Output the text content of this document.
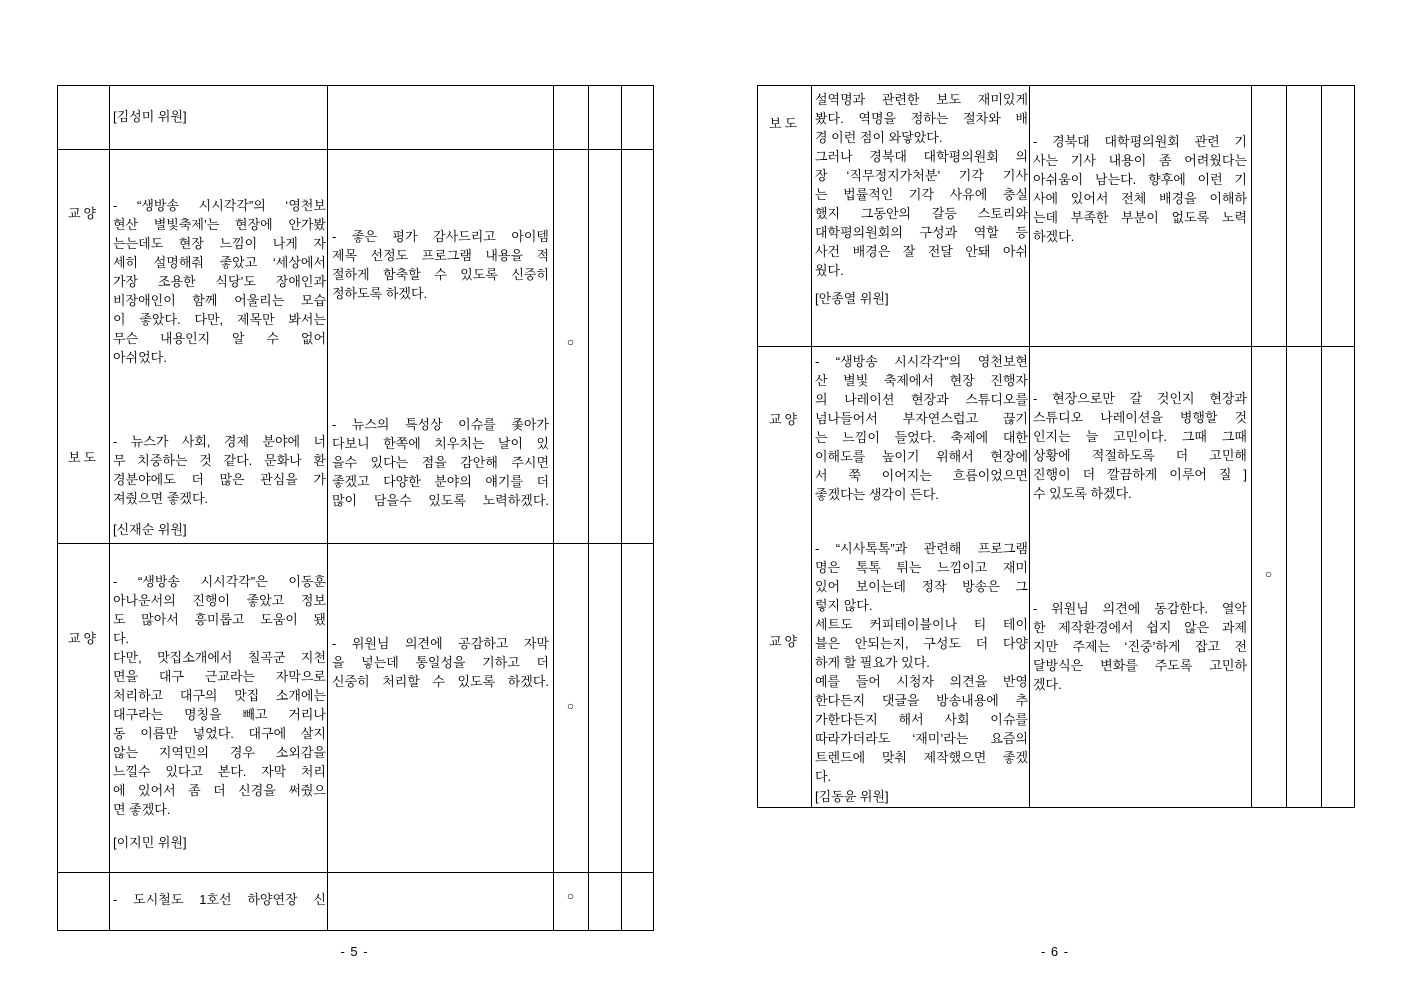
교양
보도
교양
[김성미 위원]
- “생방송 시시각각”의 ‘영천보
현산 별빛축제’는 현장에 안가봤
는는데도 현장 느낌이 나게 자
세히 설명해줘 좋았고 ‘세상에서
가장 조용한 식당’도 장애인과
비장애인이 함께 어울리는 모습
이 좋았다. 다만, 제목만 봐서는
무슨 내용인지 알 수 없어
아쉬었다.
- 뉴스가 사회, 경제 분야에 너
무 치중하는 것 같다. 문화나 환
경분야에도 더 많은 관심을 가
져줬으면 좋겠다.
[신재순 위원]
- 좋은 평가 감사드리고 아이템
제목 선정도 프로그램 내용을 적
절하게 함축할 수 있도록 신중히
정하도록 하겠다.
- 뉴스의 특성상 이슈를 좇아가
다보니 한쪽에 치우치는 날이 있
을수 있다는 점을 감안해 주시면
좋겠고 다양한 분야의 얘기를 더
많이 담을수 있도록 노력하겠다.
- “생방송 시시각각”은 이동훈
아나운서의 진행이 좋았고 정보
도 많아서 흥미롭고 도움이 됐
다.
다만, 맛집소개에서 칠곡군 지천
면을 대구 근교라는 자막으로
처리하고 대구의 맛집 소개에는
대구라는 명칭을 빼고 거리나
동 이름만 넣었다. 대구에 살지
않는 지역민의 경우 소외감을
느낄수 있다고 본다. 자막 처리
에 있어서 좀 더 신경을 써줬으
면 좋겠다.
[이지민 위원]
- 위원님 의견에 공감하고 자막
을 넣는데 통일성을 기하고 더
신중히 처리할 수 있도록 하겠다.
- 도시철도 1호선 하양연장 신
○
○
○
- 5 -
보도
교양
교양
설역명과 관련한 보도 재미있게
봤다. 역명을 정하는 절차와 배
경 이런 점이 와닿았다.
그러나 경북대 대학평의원회 의
장 ‘직무정지가처분’ 기각 기사
는 법률적인 기각 사유에 충실
했지 그동안의 갈등 스토리와
대학평의원회의 구성과 역할 등
사건 배경은 잘 전달 안돼 아쉬
웠다.
[안종열 위원]
- 경북대 대학평의원회 관련 기
사는 기사 내용이 좀 어려웠다는
아쉬움이 남는다. 향후에 이런 기
사에 있어서 전체 배경을 이해하
는데 부족한 부분이 없도록 노력
하겠다.
- “생방송 시시각각”의 영천보현
산 별빛 축제에서 현장 진행자
의 나레이션 현장과 스튜디오를
넘나들어서 부자연스럽고 끊기
는 느낌이 들었다. 축제에 대한
이해도를 높이기 위해서 현장에
서 쭉 이어지는 흐름이었으면
좋겠다는 생각이 든다.
- “시사톡톡”과 관련해 프로그램
명은 톡톡 튀는 느낌이고 재미
있어 보이는데 정작 방송은 그
렇지 않다.
세트도 커피테이블이나 티 테이
블은 안되는지, 구성도 더 다양
하게 할 필요가 있다.
예를 들어 시청자 의견을 반영
한다든지 댓글을 방송내용에 추
가한다든지 해서 사회 이슈를
따라가더라도 ‘재미’라는 요즘의
트렌드에 맞춰 제작했으면 좋겠
다.
[김동윤 위원]
- 현장으로만 갈 것인지 현장과
스튜디오 나레이션을 병행할 것
인지는 늘 고민이다. 그때 그때
상황에 적절하도록 더 고민해
진행이 더 깔끔하게 이루어 질 ]
수 있도록 하겠다.
- 위원님 의견에 동감한다. 열악
한 제작환경에서 쉽지 않은 과제
지만 주제는 ‘진중’하게 잡고 전
달방식은 변화를 주도록 고민하
겠다.
○
- 6 -
